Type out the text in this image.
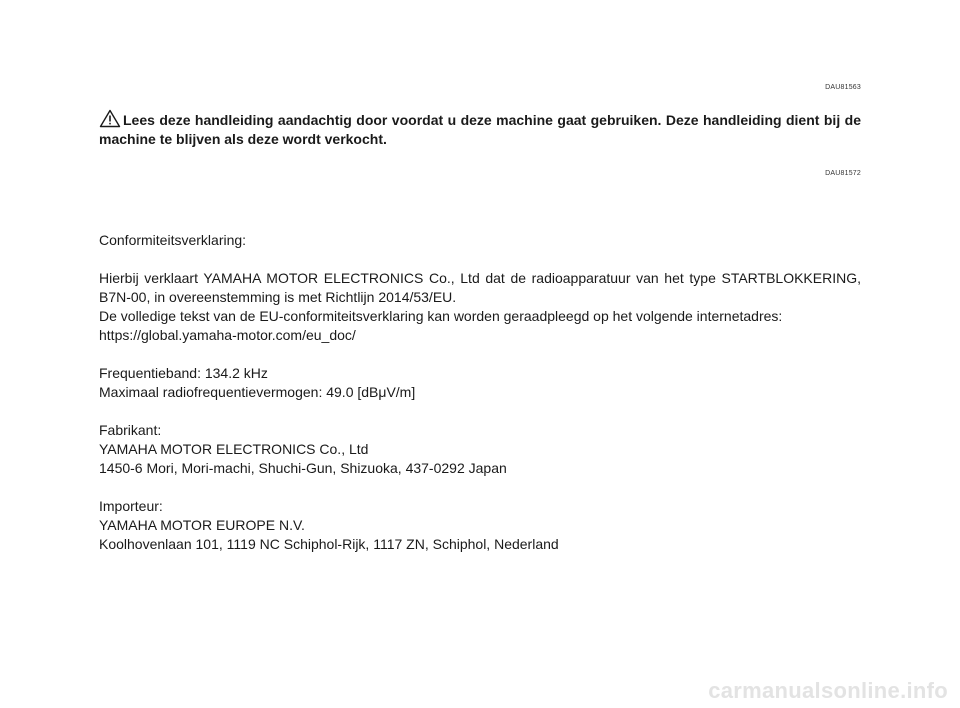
DAU81563
Lees deze handleiding aandachtig door voordat u deze machine gaat gebruiken. Deze handleiding dient bij de machine te blijven als deze wordt verkocht.
DAU81572

Conformiteitsverklaring:

Hierbij verklaart YAMAHA MOTOR ELECTRONICS Co., Ltd dat de radioapparatuur van het type STARTBLOKKERING,

B7N-00, in overeenstemming is met Richtlijn 2014/53/EU.

De volledige tekst van de EU-conformiteitsverklaring kan worden geraadpleegd op het volgende internetadres:

https://global.yamaha-motor.com/eu_doc/

Frequentieband: 134.2 kHz

Maximaal radiofrequentievermogen: 49.0 [dBμV/m]

Fabrikant:

YAMAHA MOTOR ELECTRONICS Co., Ltd

1450-6 Mori, Mori-machi, Shuchi-Gun, Shizuoka, 437-0292 Japan

Importeur:

YAMAHA MOTOR EUROPE N.V.

Koolhovenlaan 101, 1119 NC Schiphol-Rijk, 1117 ZN, Schiphol, Nederland

carmanualsonline.info
